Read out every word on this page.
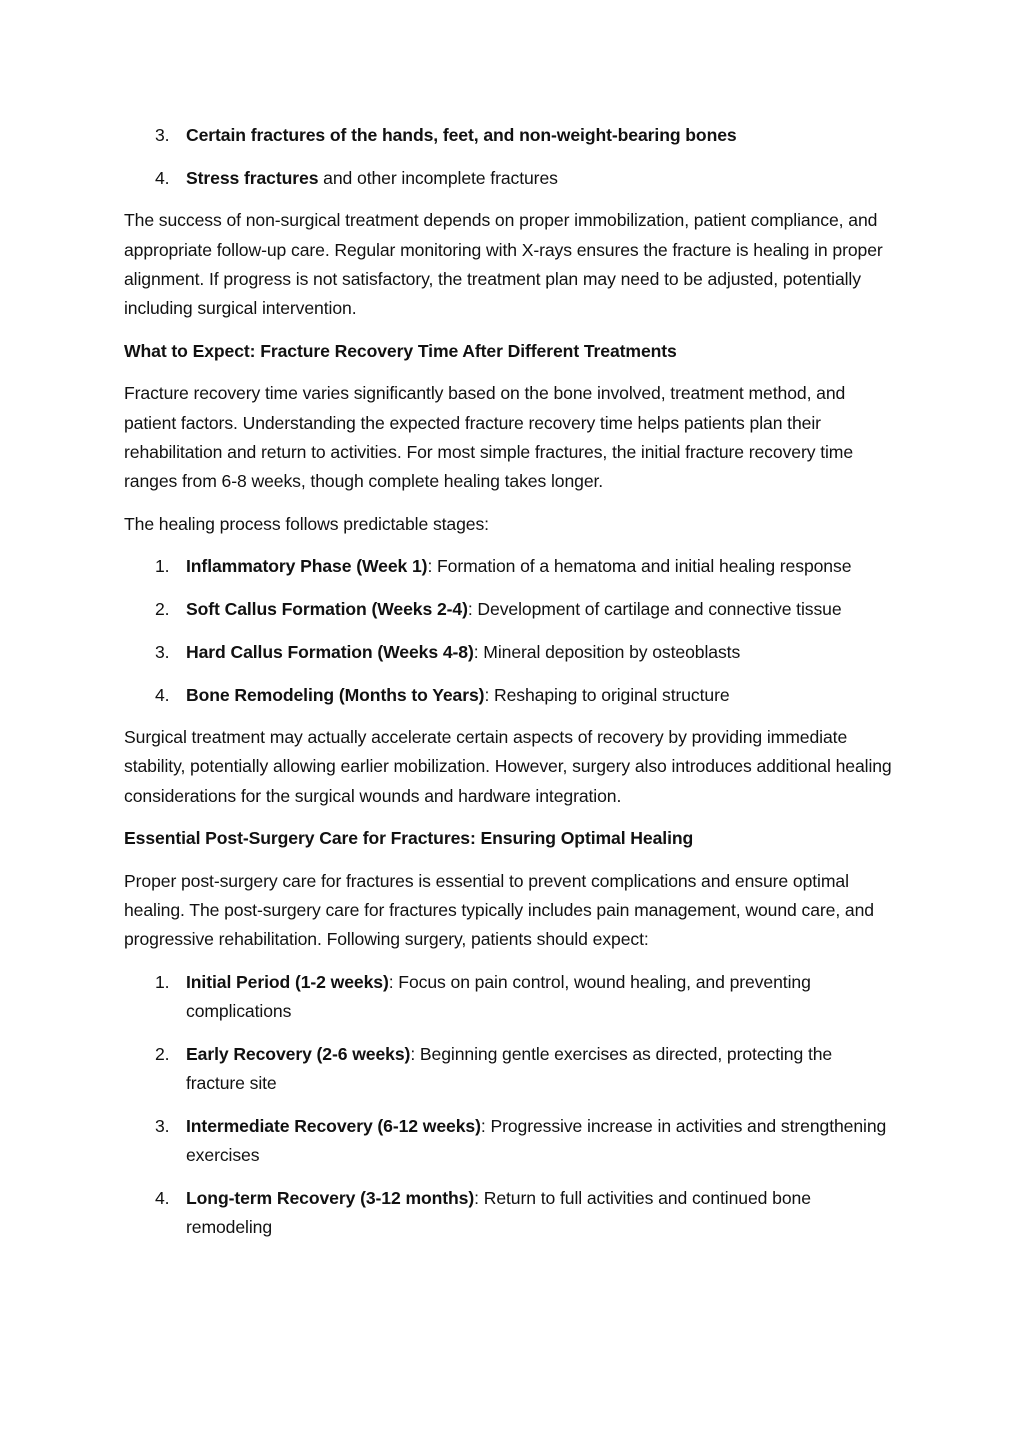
3. Certain fractures of the hands, feet, and non-weight-bearing bones
4. Stress fractures and other incomplete fractures

The success of non-surgical treatment depends on proper immobilization, patient compliance, and appropriate follow-up care. Regular monitoring with X-rays ensures the fracture is healing in proper alignment. If progress is not satisfactory, the treatment plan may need to be adjusted, potentially including surgical intervention.

What to Expect: Fracture Recovery Time After Different Treatments

Fracture recovery time varies significantly based on the bone involved, treatment method, and patient factors. Understanding the expected fracture recovery time helps patients plan their rehabilitation and return to activities. For most simple fractures, the initial fracture recovery time ranges from 6-8 weeks, though complete healing takes longer.

The healing process follows predictable stages:

1. Inflammatory Phase (Week 1): Formation of a hematoma and initial healing response
2. Soft Callus Formation (Weeks 2-4): Development of cartilage and connective tissue
3. Hard Callus Formation (Weeks 4-8): Mineral deposition by osteoblasts
4. Bone Remodeling (Months to Years): Reshaping to original structure

Surgical treatment may actually accelerate certain aspects of recovery by providing immediate stability, potentially allowing earlier mobilization. However, surgery also introduces additional healing considerations for the surgical wounds and hardware integration.

Essential Post-Surgery Care for Fractures: Ensuring Optimal Healing

Proper post-surgery care for fractures is essential to prevent complications and ensure optimal healing. The post-surgery care for fractures typically includes pain management, wound care, and progressive rehabilitation. Following surgery, patients should expect:

1. Initial Period (1-2 weeks): Focus on pain control, wound healing, and preventing complications
2. Early Recovery (2-6 weeks): Beginning gentle exercises as directed, protecting the fracture site
3. Intermediate Recovery (6-12 weeks): Progressive increase in activities and strengthening exercises
4. Long-term Recovery (3-12 months): Return to full activities and continued bone remodeling
